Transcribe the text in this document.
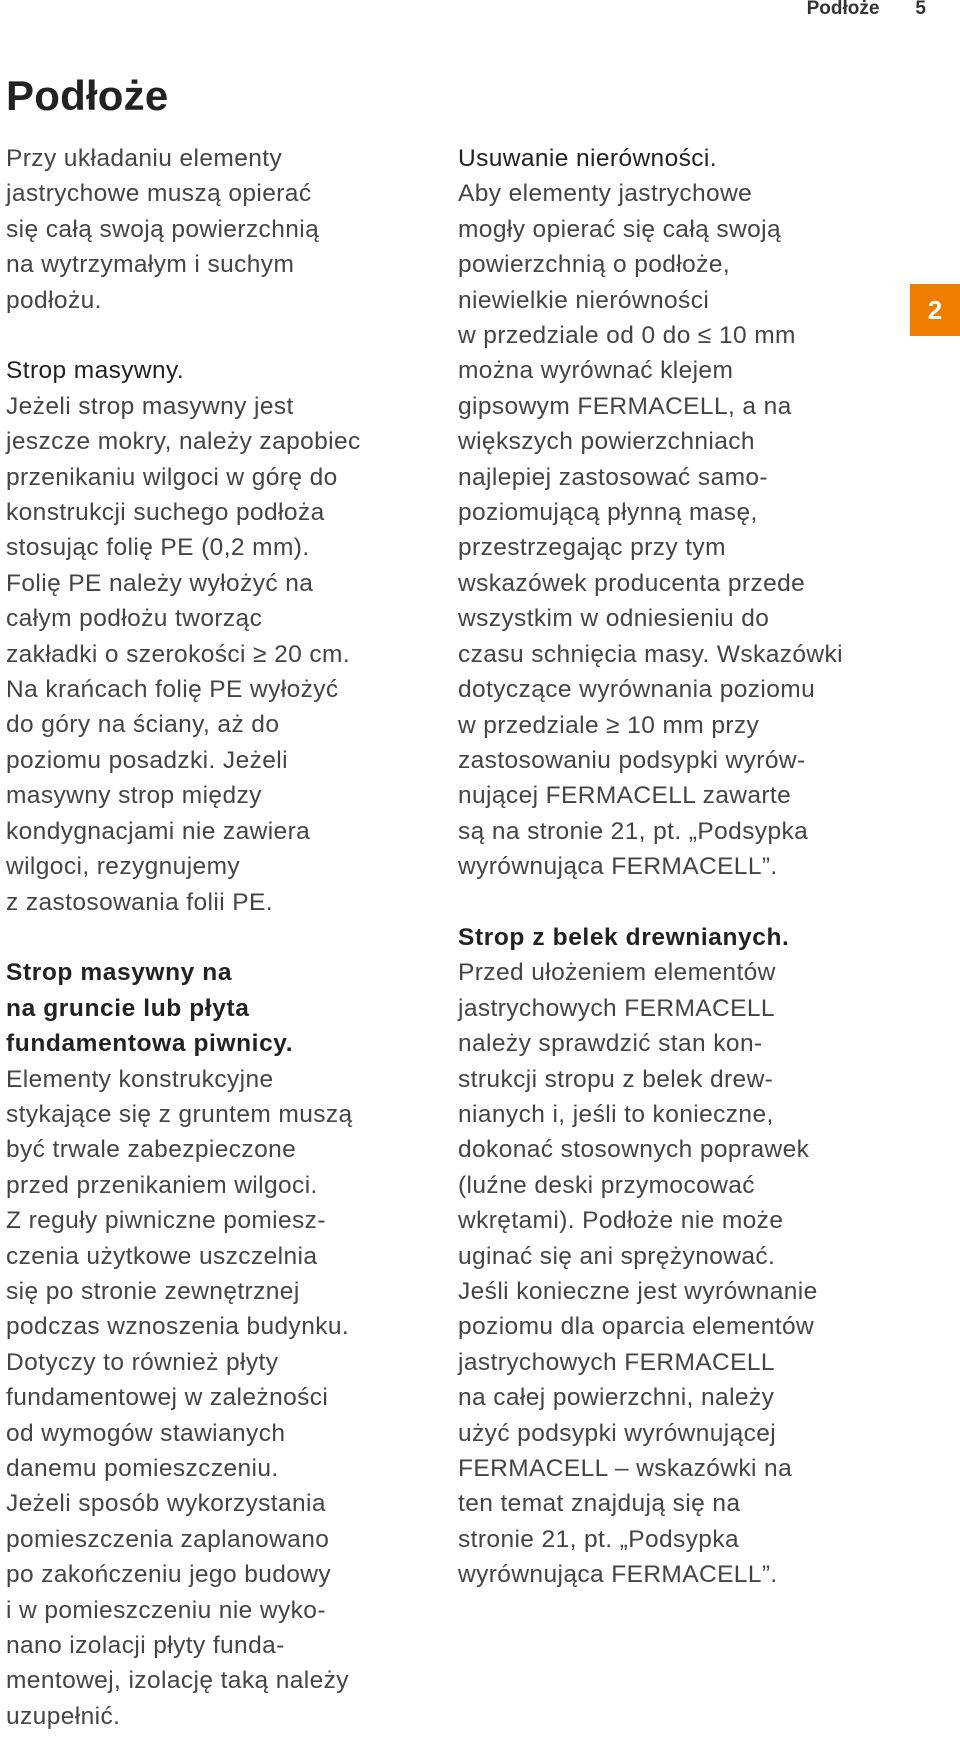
Podłoże 5
Podłoże
2

Przy układaniu elementy
jastrychowe muszą opierać
się całą swoją powierzchnią
na wytrzymałym i suchym
podłożu.

Strop masywny.

Jeżeli strop masywny jest
jeszcze mokry, należy zapobiec
przenikaniu wilgoci w górę do
konstrukcji suchego podłoża
stosując folię PE (0,2 mm).
Folię PE należy wyłożyć na
całym podłożu tworząc
zakładki o szerokości ≥ 20 cm.
Na krańcach folię PE wyłożyć
do góry na ściany, aż do
poziomu posadzki. Jeżeli
masywny strop między
kondygnacjami nie zawiera
wilgoci, rezygnujemy
z zastosowania folii PE.

Strop masywny na
na gruncie lub płyta
fundamentowa piwnicy.

Elementy konstrukcyjne
stykające się z gruntem muszą
być trwale zabezpieczone
przed przenikaniem wilgoci.
Z reguły piwniczne pomiesz-
czenia użytkowe uszczelnia
się po stronie zewnętrznej
podczas wznoszenia budynku.
Dotyczy to również płyty
fundamentowej w zależności
od wymogów stawianych
danemu pomieszczeniu.
Jeżeli sposób wykorzystania
pomieszczenia zaplanowano
po zakończeniu jego budowy
i w pomieszczeniu nie wyko-
nano izolacji płyty funda-
mentowej, izolację taką należy
uzupełnić.

Usuwanie nierówności.

Aby elementy jastrychowe
mogły opierać się całą swoją
powierzchnią o podłoże,
niewielkie nierówności
w przedziale od 0 do ≤ 10 mm
można wyrównać klejem
gipsowym FERMACELL, a na
większych powierzchniach
najlepiej zastosować samo-
poziomującą płynną masę,
przestrzegając przy tym
wskazówek producenta przede
wszystkim w odniesieniu do
czasu schnięcia masy. Wskazówki
dotyczące wyrównania poziomu
w przedziale ≥ 10 mm przy
zastosowaniu podsypki wyrów-
nującej FERMACELL zawarte
są na stronie 21, pt. „Podsypka
wyrównująca FERMACELL”.

Strop z belek drewnianych.

Przed ułożeniem elementów
jastrychowych FERMACELL
należy sprawdzić stan kon-
strukcji stropu z belek drew-
nianych i, jeśli to konieczne,
dokonać stosownych poprawek
(luźne deski przymocować
wkrętami). Podłoże nie może
uginać się ani sprężynować.
Jeśli konieczne jest wyrównanie
poziomu dla oparcia elementów
jastrychowych FERMACELL
na całej powierzchni, należy
użyć podsypki wyrównującej
FERMACELL – wskazówki na
ten temat znajdują się na
stronie 21, pt. „Podsypka
wyrównująca FERMACELL”.
